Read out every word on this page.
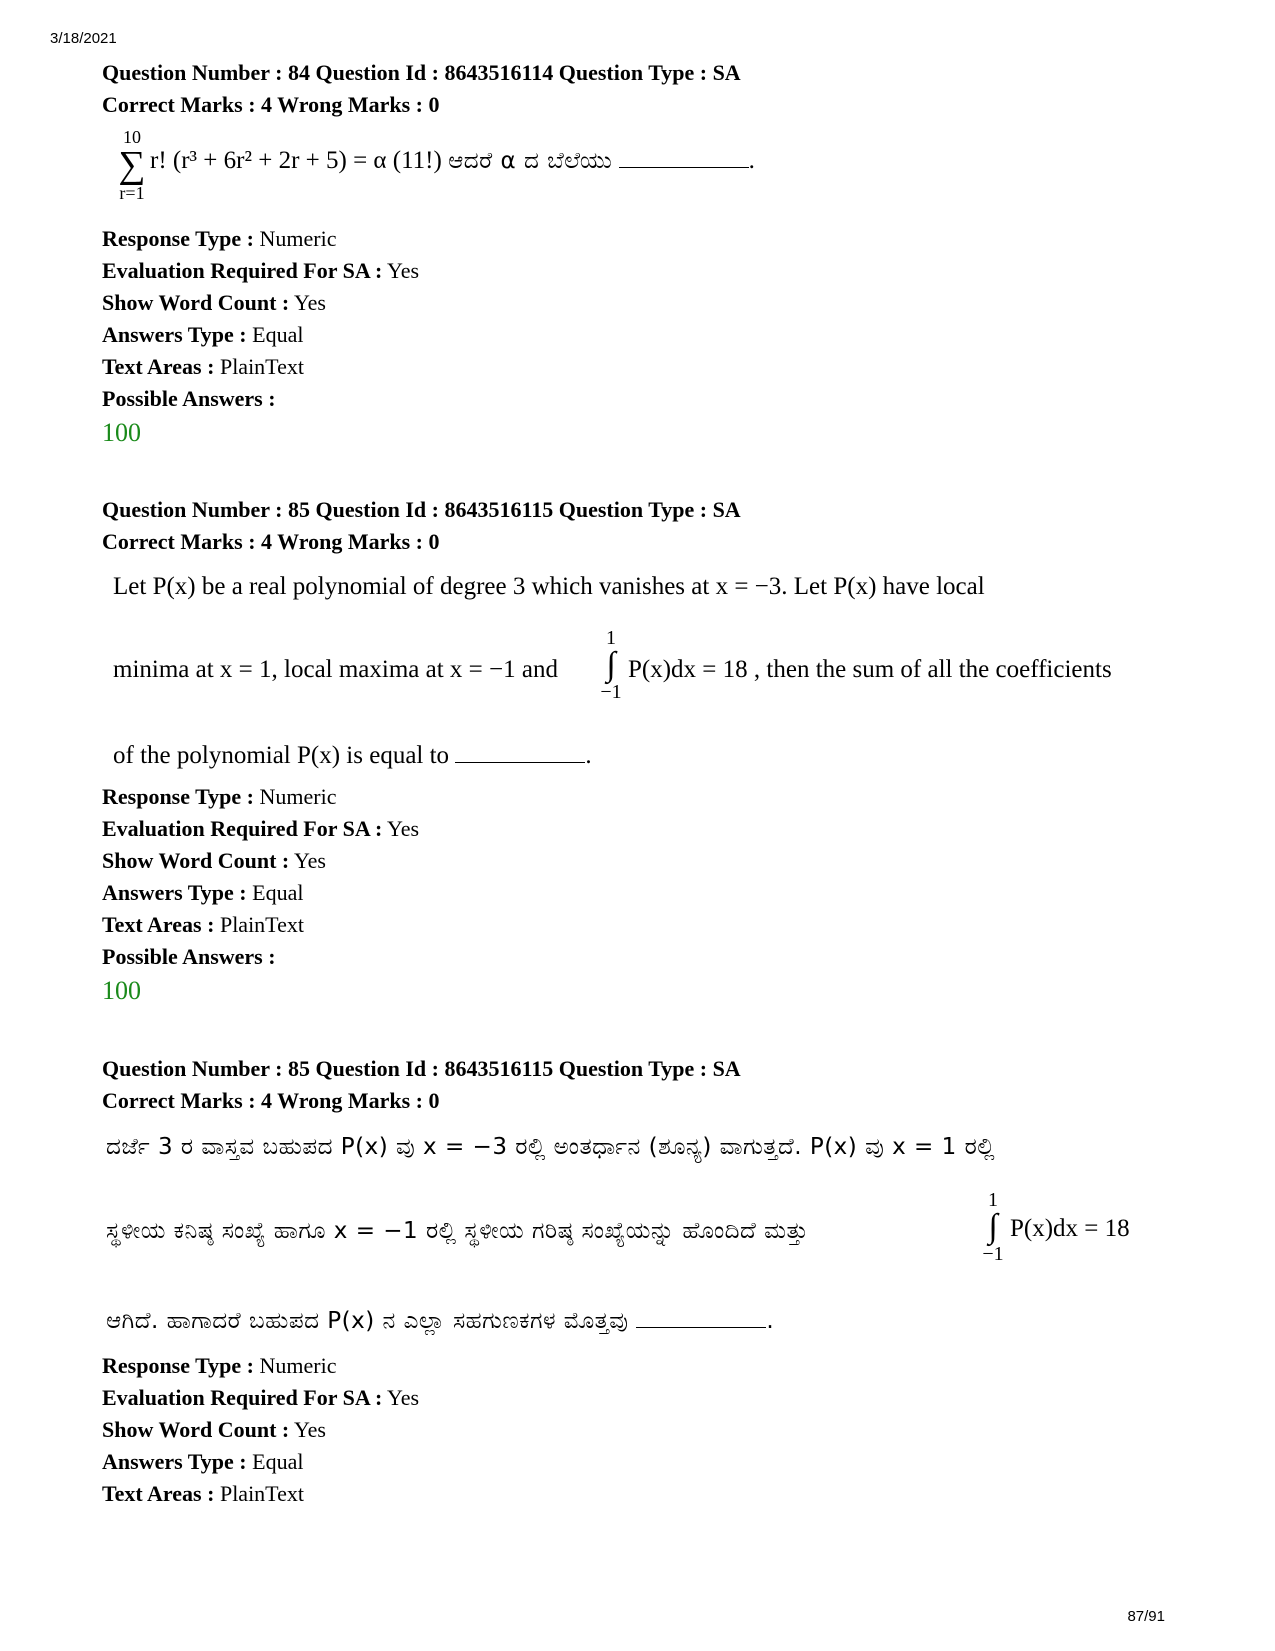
3/18/2021
Question Number : 84 Question Id : 8643516114 Question Type : SA
Correct Marks : 4 Wrong Marks : 0
10
∑
r=1
r! (r³ + 6r² + 2r + 5) = α (11!) ಆದರೆ α ದ ಬೆಲೆಯು	.
Response Type : Numeric
Evaluation Required For SA : Yes
Show Word Count : Yes
Answers Type : Equal
Text Areas : PlainText
Possible Answers :
100
Question Number : 85 Question Id : 8643516115 Question Type : SA
Correct Marks : 4 Wrong Marks : 0
Let P(x) be a real polynomial of degree 3 which vanishes at x = −3. Let P(x) have local
minima at x = 1, local maxima at x = −1 and
1
∫
−1
P(x)dx = 18 , then the sum of all the coefficients
of the polynomial P(x) is equal to	.
Response Type : Numeric
Evaluation Required For SA : Yes
Show Word Count : Yes
Answers Type : Equal
Text Areas : PlainText
Possible Answers :
100
Question Number : 85 Question Id : 8643516115 Question Type : SA
Correct Marks : 4 Wrong Marks : 0
ದರ್ಜೆ 3 ರ ವಾಸ್ತವ ಬಹುಪದ P(x) ವು x = −3 ರಲ್ಲಿ ಅಂತರ್ಧಾನ (ಶೂನ್ಯ) ವಾಗುತ್ತದೆ. P(x) ವು x = 1 ರಲ್ಲಿ
ಸ್ಥಳೀಯ ಕನಿಷ್ಠ ಸಂಖ್ಯೆ ಹಾಗೂ x = −1 ರಲ್ಲಿ ಸ್ಥಳೀಯ ಗರಿಷ್ಠ ಸಂಖ್ಯೆಯನ್ನು ಹೊಂದಿದೆ ಮತ್ತು
1
∫
−1
P(x)dx = 18
ಆಗಿದೆ. ಹಾಗಾದರೆ ಬಹುಪದ P(x) ನ ಎಲ್ಲಾ ಸಹಗುಣಕಗಳ ಮೊತ್ತವು	.
Response Type : Numeric
Evaluation Required For SA : Yes
Show Word Count : Yes
Answers Type : Equal
Text Areas : PlainText
87/91
